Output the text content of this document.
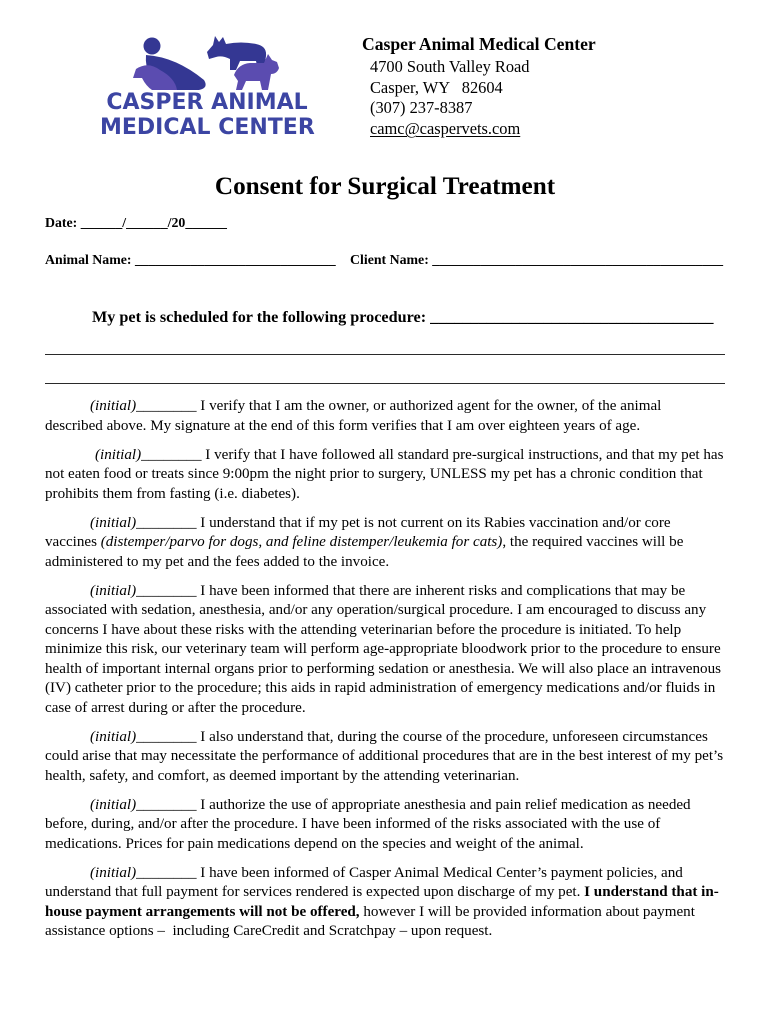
CASPER ANIMAL
MEDICAL CENTER
Casper Animal Medical Center
4700 South Valley Road
Casper, WY   82604
(307) 237-8387
camc@caspervets.com
Consent for Surgical Treatment
Date: ______/______/20______
Animal Name: _____________________________ Client Name: __________________________________________
My pet is scheduled for the following procedure: ___________________________________
(initial)________ I verify that I am the owner, or authorized agent for the owner, of the animal
described above. My signature at the end of this form verifies that I am over eighteen years of age.
(initial)________ I verify that I have followed all standard pre-surgical instructions, and that my pet has
not eaten food or treats since 9:00pm the night prior to surgery, UNLESS my pet has a chronic condition that
prohibits them from fasting (i.e. diabetes).
(initial)________ I understand that if my pet is not current on its Rabies vaccination and/or core
vaccines (distemper/parvo for dogs, and feline distemper/leukemia for cats), the required vaccines will be
administered to my pet and the fees added to the invoice.
(initial)________ I have been informed that there are inherent risks and complications that may be
associated with sedation, anesthesia, and/or any operation/surgical procedure. I am encouraged to discuss any
concerns I have about these risks with the attending veterinarian before the procedure is initiated. To help
minimize this risk, our veterinary team will perform age-appropriate bloodwork prior to the procedure to ensure
health of important internal organs prior to performing sedation or anesthesia. We will also place an intravenous
(IV) catheter prior to the procedure; this aids in rapid administration of emergency medications and/or fluids in
case of arrest during or after the procedure.
(initial)________ I also understand that, during the course of the procedure, unforeseen circumstances
could arise that may necessitate the performance of additional procedures that are in the best interest of my pet’s
health, safety, and comfort, as deemed important by the attending veterinarian.
(initial)________ I authorize the use of appropriate anesthesia and pain relief medication as needed
before, during, and/or after the procedure. I have been informed of the risks associated with the use of
medications. Prices for pain medications depend on the species and weight of the animal.
(initial)________ I have been informed of Casper Animal Medical Center’s payment policies, and
understand that full payment for services rendered is expected upon discharge of my pet. I understand that in-
house payment arrangements will not be offered, however I will be provided information about payment
assistance options –  including CareCredit and Scratchpay – upon request.
